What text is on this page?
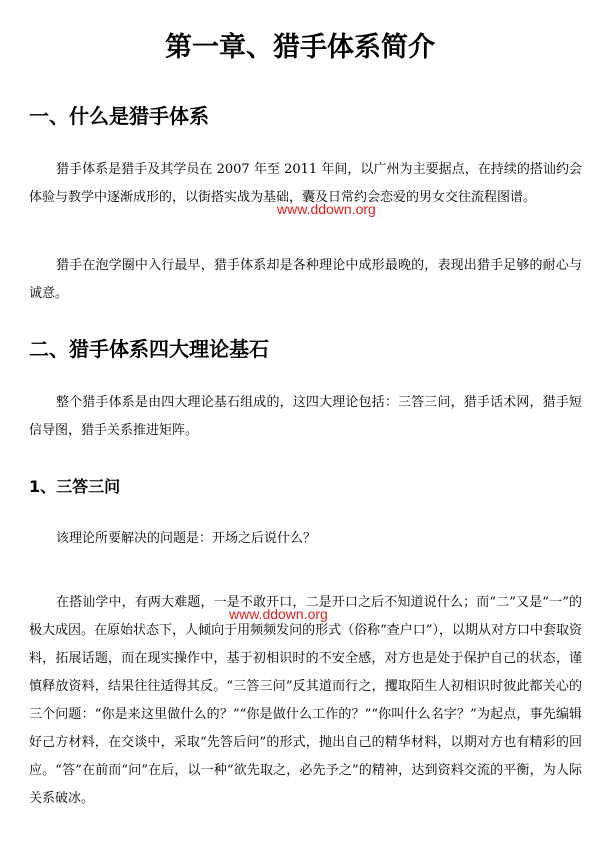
第一章、猎手体系简介
一、什么是猎手体系

猎手体系是猎手及其学员在 2007 年至 2011 年间，以广州为主要据点，在持续的搭讪约会体验与教学中逐渐成形的，以街搭实战为基础，囊及日常约会恋爱的男女交往流程图谱。

猎手在泡学圈中入行最早，猎手体系却是各种理论中成形最晚的，表现出猎手足够的耐心与诚意。

二、猎手体系四大理论基石

整个猎手体系是由四大理论基石组成的，这四大理论包括：三答三问，猎手话术网，猎手短信导图，猎手关系推进矩阵。

1、三答三问

该理论所要解决的问题是：开场之后说什么？

在搭讪学中，有两大难题，一是不敢开口，二是开口之后不知道说什么；而“二”又是“一”的极大成因。在原始状态下，人倾向于用频频发问的形式（俗称“查户口”），以期从对方口中套取资料，拓展话题，而在现实操作中，基于初相识时的不安全感，对方也是处于保护自己的状态，谨慎释放资料，结果往往适得其反。“三答三问”反其道而行之，攫取陌生人初相识时彼此都关心的三个问题：“你是来这里做什么的？”“你是做什么工作的？”“你叫什么名字？”为起点，事先编辑好己方材料，在交谈中，采取“先答后问”的形式，抛出自己的精华材料，以期对方也有精彩的回应。“答”在前而“问”在后，以一种“欲先取之，必先予之”的精神，达到资料交流的平衡，为人际关系破冰。

www.ddown.org
www.ddown.org
